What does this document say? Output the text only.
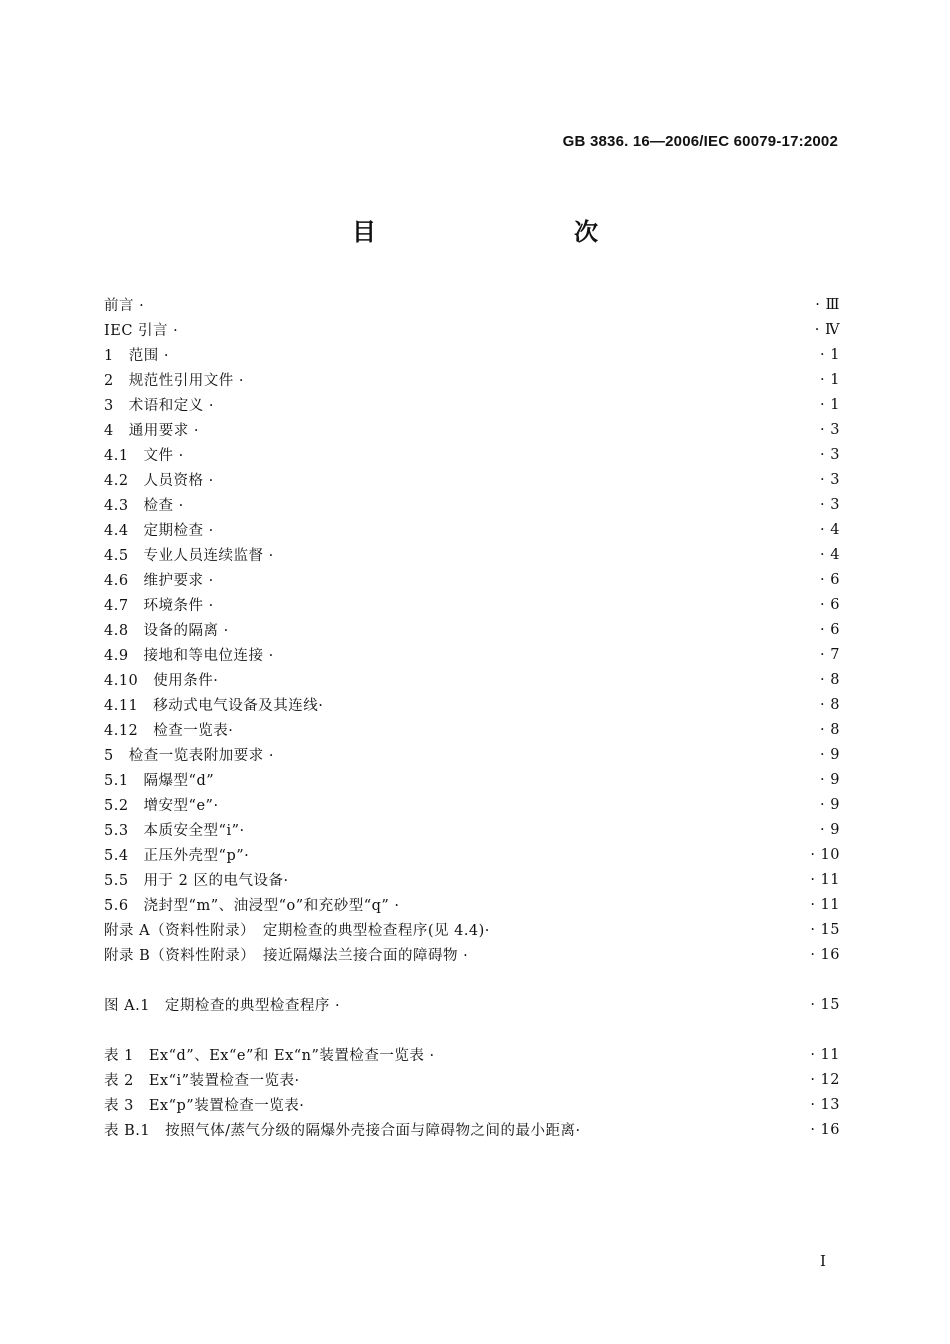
GB 3836. 16—2006/IEC 60079-17:2002
目　　次
前言 ·	· Ⅲ
IEC 引言 ·	· Ⅳ
1　范围 ·	· 1
2　规范性引用文件 ·	· 1
3　术语和定义 ·	· 1
4　通用要求 ·	· 3
4.1　文件 ·	· 3
4.2　人员资格 ·	· 3
4.3　检查 ·	· 3
4.4　定期检查 ·	· 4
4.5　专业人员连续监督 ·	· 4
4.6　维护要求 ·	· 6
4.7　环境条件 ·	· 6
4.8　设备的隔离 ·	· 6
4.9　接地和等电位连接 ·	· 7
4.10　使用条件·	· 8
4.11　移动式电气设备及其连线·	· 8
4.12　检查一览表·	· 8
5　检查一览表附加要求 ·	· 9
5.1　隔爆型“d”	· 9
5.2　增安型“e”·	· 9
5.3　本质安全型“i”·	· 9
5.4　正压外壳型“p”·	· 10
5.5　用于 2 区的电气设备·	· 11
5.6　浇封型“m”、油浸型“o”和充砂型“q” ·	· 11
附录 A（资料性附录）　定期检查的典型检查程序(见 4.4)·	· 15
附录 B（资料性附录）　接近隔爆法兰接合面的障碍物 ·	· 16
图 A.1　定期检查的典型检查程序 ·	· 15
表 1　Ex“d”、Ex“e”和 Ex“n”装置检查一览表 ·	· 11
表 2　Ex“i”装置检查一览表·	· 12
表 3　Ex“p”装置检查一览表·	· 13
表 B.1　按照气体/蒸气分级的隔爆外壳接合面与障碍物之间的最小距离·	· 16
I
